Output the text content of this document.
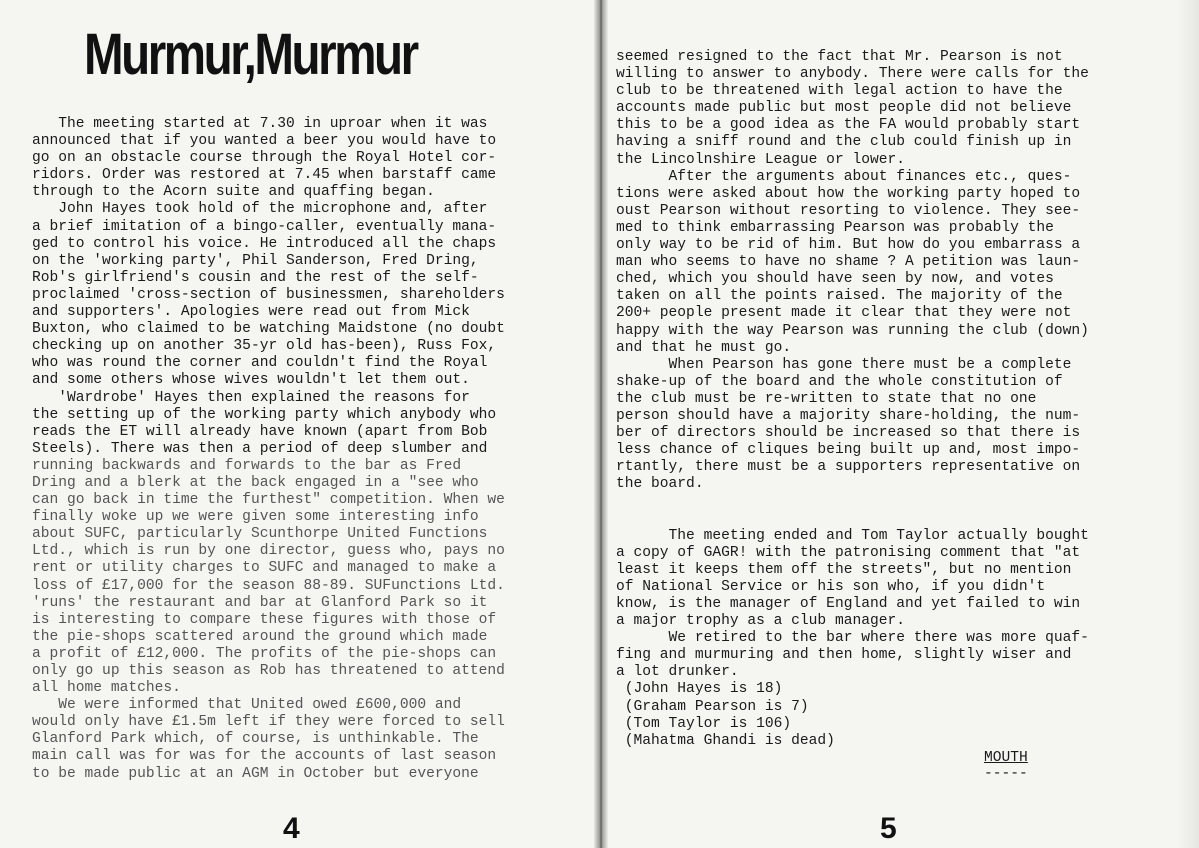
Murmur,Murmur
The meeting started at 7.30 in uproar when it was
announced that if you wanted a beer you would have to
go on an obstacle course through the Royal Hotel cor-
ridors. Order was restored at 7.45 when barstaff came
through to the Acorn suite and quaffing began.
John Hayes took hold of the microphone and, after
a brief imitation of a bingo-caller, eventually mana-
ged to control his voice. He introduced all the chaps
on the 'working party', Phil Sanderson, Fred Dring,
Rob's girlfriend's cousin and the rest of the self-
proclaimed 'cross-section of businessmen, shareholders
and supporters'. Apologies were read out from Mick
Buxton, who claimed to be watching Maidstone (no doubt
checking up on another 35-yr old has-been), Russ Fox,
who was round the corner and couldn't find the Royal
and some others whose wives wouldn't let them out.
'Wardrobe' Hayes then explained the reasons for
the setting up of the working party which anybody who
reads the ET will already have known (apart from Bob
Steels). There was then a period of deep slumber and
running backwards and forwards to the bar as Fred
Dring and a blerk at the back engaged in a "see who
can go back in time the furthest" competition. When we
finally woke up we were given some interesting info
about SUFC, particularly Scunthorpe United Functions
Ltd., which is run by one director, guess who, pays no
rent or utility charges to SUFC and managed to make a
loss of £17,000 for the season 88-89. SUFunctions Ltd.
'runs' the restaurant and bar at Glanford Park so it
is interesting to compare these figures with those of
the pie-shops scattered around the ground which made
a profit of £12,000. The profits of the pie-shops can
only go up this season as Rob has threatened to attend
all home matches.
We were informed that United owed £600,000 and
would only have £1.5m left if they were forced to sell
Glanford Park which, of course, is unthinkable. The
main call was for was for the accounts of last season
to be made public at an AGM in October but everyone
seemed resigned to the fact that Mr. Pearson is not
willing to answer to anybody. There were calls for the
club to be threatened with legal action to have the
accounts made public but most people did not believe
this to be a good idea as the FA would probably start
having a sniff round and the club could finish up in
the Lincolnshire League or lower.
After the arguments about finances etc., ques-
tions were asked about how the working party hoped to
oust Pearson without resorting to violence. They see-
med to think embarrassing Pearson was probably the
only way to be rid of him. But how do you embarrass a
man who seems to have no shame ? A petition was laun-
ched, which you should have seen by now, and votes
taken on all the points raised. The majority of the
200+ people present made it clear that they were not
happy with the way Pearson was running the club (down)
and that he must go.
When Pearson has gone there must be a complete
shake-up of the board and the whole constitution of
the club must be re-written to state that no one
person should have a majority share-holding, the num-
ber of directors should be increased so that there is
less chance of cliques being built up and, most impo-
rtantly, there must be a supporters representative on
the board.
The meeting ended and Tom Taylor actually bought
a copy of GAGR! with the patronising comment that "at
least it keeps them off the streets", but no mention
of National Service or his son who, if you didn't
know, is the manager of England and yet failed to win
a major trophy as a club manager.
We retired to the bar where there was more quaf-
fing and murmuring and then home, slightly wiser and
a lot drunker.
(John Hayes is 18)
(Graham Pearson is 7)
(Tom Taylor is 106)
(Mahatma Ghandi is dead)
MOUTH
-----
4	5
